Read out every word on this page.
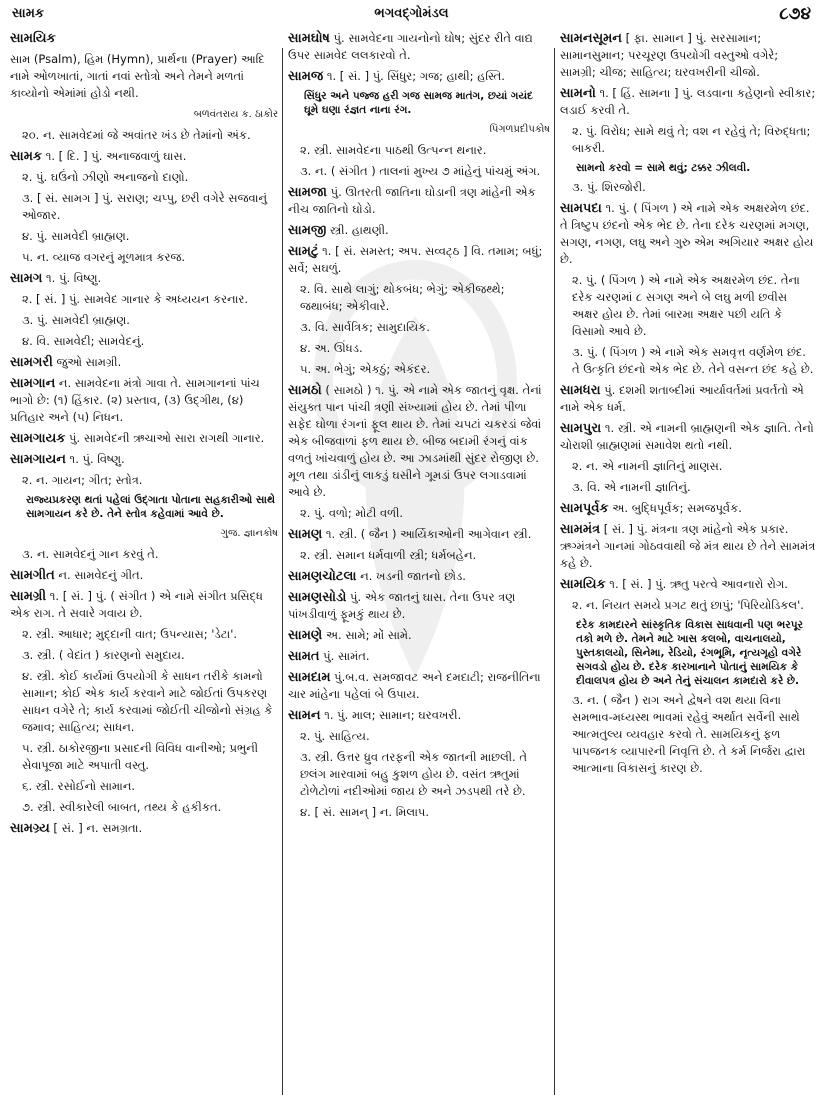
સામક	ભગવદ્ગોમંડલ	૮૭૪

સામયિક

સામ (Psalm), હિમ (Hymn), પ્રાર્થના (Prayer) આદિ નામે ઓળખાતાં, ગાતાં નવાં સ્તોત્રો અને તેમને મળતાં કાવ્યોનો એમાંમાં હોડો નથી.

બળવંતરાય ક. ઠાકોર

૨૦. ન. સામવેદમાં જે અવાંતર ખંડ છે તેમાંનો અંક.

સામક ૧. [ દિ. ] પું. અનાજવાળું ઘાસ.

૨. પું. ઘઉંનો ઝીણો અનાજનો દાણો.

૩. [ સં. સામગ ] પું. સરાણ; ચપ્પુ, છરી વગેરે સજવાનું ઓજાર.

૪. પું. સામવેદી બ્રાહ્મણ.

૫. ન. વ્યાજ વગરનું મૂળમાત્ર કરજ.

સામગ ૧. પું. વિષ્ણુ.

૨. [ સં. ] પું. સામવેદ ગાનાર કે અધ્યયન કરનાર.

૩. પું. સામવેદી બ્રાહ્મણ.

૪. વિ. સામવેદી; સામવેદનું.

સામગરી જુઓ સામગ્રી.

સામગાન ન. સામવેદના મંત્રો ગાવા તે. સામગાનનાં પાંચ ભાગો છે: (૧) હિંકાર. (૨) પ્રસ્તાવ, (૩) ઉદ્ગીથ, (૪) પ્રતિહાર અને (૫) નિધન.

સામગાયક પું. સામવેદની ઋચાઓ સારા રાગથી ગાનાર.

સામગાયન ૧. પું. વિષ્ણુ.

૨. ન. ગાયન; ગીત; સ્તોત્ર.

રાજ્યપ્રકરણ થતાં પહેલાં ઉદ્ગાતા પોતાના સહકારીઓ સાથે સામગાયન કરે છે. તેને સ્તોત્ર કહેવામાં આવે છે.

ગુજ. જ્ઞાનકોષ

૩. ન. સામવેદનું ગાન કરવું તે.

સામગીત ન. સામવેદનું ગીત.

સામગ્રી ૧. [ સં. ] પું. ( સંગીત ) એ નામે સંગીત પ્રસિદ્ધ એક રાગ. તે સવારે ગવાય છે.

૨. સ્ત્રી. આધાર; મુદ્દાની વાત; ઉપન્યાસ; 'ડેટા'.

૩. સ્ત્રી. ( વેદાંત ) કારણનો સમુદાય.

૪. સ્ત્રી. કોઈ કાર્યમાં ઉપયોગી કે સાધન તરીકે કામનો સામાન; કોઈ એક કાર્ય કરવાને માટે જોઈતાં ઉપકરણ સાધન વગેરે તે; કાર્ય કરવામાં જોઈતી ચીજોનો સંગ્રહ કે જમાવ; સાહિત્ય; સાધન.

૫. સ્ત્રી. ઠાકોરજીના પ્રસાદની વિવિધ વાનીઓ; પ્રભુની સેવાપૂજા માટે અપાતી વસ્તુ.

૬. સ્ત્રી. રસોઈનો સામાન.

૭. સ્ત્રી. સ્વીકારેલી બાબત, તથ્ય કે હકીકત.

સામગ્ર્ય [ સં. ] ન. સમગ્રતા.

સામઘોષ પું. સામવેદના ગાયનોનો ઘોષ; સુંદર રીતે વાદ્ય ઉપર સામવેદ લલકારવો તે.

સામજ ૧. [ સં. ] પું. સિંધુર; ગજ; હાથી; હસ્તિ.

સિંધુર અને પજ્જ હરી ગજ સામજ માતંગ, છયાં ગયંદ ઘૂમે ઘણા રંજ્ઞત નાના રંગ.

પિંગળપ્રદીપકોષ

૨. સ્ત્રી. સામવેદના પાઠથી ઉત્પન્ન થનાર.

૩. ન. ( સંગીત ) તાલનાં મુખ્ય ૭ માંહેનું પાંચમું અંગ.

સામજા પું. ઊતરતી જાતિના ઘોડાની ત્રણ માંહેની એક નીચ જાતિનો ઘોડો.

સામજી સ્ત્રી. હાથણી.

સામટું ૧. [ સં. સમસ્ત; અપ. સવ્વટ્ઠ ] વિ. તમામ; બધું; સર્વે; સઘળું.

૨. વિ. સાથે લાગું; થોકબંધ; ભેગું; એકીજથ્થે; જથાબંધ; એકીવારે.

૩. વિ. સાર્વત્રિક; સામુદાયિક.

૪. અ. ઊંધડ.

૫. અ. ભેગું; એકઠું; એકંદર.

સામઠો ( સામઠો ) ૧. પું. એ નામે એક જાતનું વૃક્ષ. તેનાં સંયુક્ત પાન પાંચી ત્રણી સંખ્યામાં હોય છે. તેમાં પીળા સફેદ ઘોળા રંગનાં ફૂલ થાય છે. તેમાં ચપટાં ચકરડાં જેવાં એક બીજવાળાં ફળ થાય છે. બીજ બદામી રંગનું વાંક વળતું ખાંચવાળું હોય છે. આ ઝાડમાંથી સુંદર રોજીણ છે. મૂળ તથા ડાંડીનું લાકડું ઘસીને ગૂમડાં ઉપર લગાડવામાં આવે છે.

૨. પું. વળો; મોટી વળી.

સામણ ૧. સ્ત્રી. ( જૈન ) આર્યિકાઓની આગેવાન સ્ત્રી.

૨. સ્ત્રી. સમાન ધર્મવાળી સ્ત્રી; ધર્મબહેન.

સામણચોટલા ન. ખડની જાતનો છોડ.

સામણસોડો પું. એક જાતનું ઘાસ. તેના ઉપર ત્રણ પાંખડીવાળું ફૂમકું થાય છે.

સામણે અ. સામે; મોં સામે.

સામત પું. સામંત.

સામદામ પું.બ.વ. સમજાવટ અને દમદાટી; રાજનીતિના ચાર માંહેના પહેલાં બે ઉપાય.

સામન ૧. પું. માલ; સામાન; ઘરવખરી.

૨. પું. સાહિત્ય.

૩. સ્ત્રી. ઉત્તર ધ્રુવ તરફની એક જાતની માછલી. તે છલંગ મારવામાં બહુ કુશળ હોય છે. વસંત ઋતુમાં ટોળેટોળાં નદીઓમાં જાય છે અને ઝડપથી તરે છે.

૪. [ સં. સામન્ ] ન. મિલાપ.

સામનસૂમન [ ફા. સામાન ] પું. સરસામાન; સામાનસુમાન; પરચૂરણ ઉપયોગી વસ્તુઓ વગેરે; સામગ્રી; ચીજ; સાહિત્ય; ઘરવખરીની ચીજો.

સામનો ૧. [ હિં. સામના ] પું. લડવાના કહેણનો સ્વીકાર; લડાઈ કરવી તે.

૨. પું. વિરોધ; સામે થવું તે; વશ ન રહેવું તે; વિરુદ્ધતા; બાકરી.

સામનો કરવો = સામે થવું; ટક્કર ઝીલવી.

૩. પું. શિરજોરી.

સામપદા ૧. પું. ( પિંગળ ) એ નામે એક અક્ષરમેળ છંદ. તે ત્રિષ્ટુપ છંદનો એક ભેદ છે. તેના દરેક ચરણમાં મગણ, સગણ, નગણ, લઘુ અને ગુરુ એમ અગિયાર અક્ષર હોય છે.

૨. પું. ( પિંગળ ) એ નામે એક અક્ષરમેળ છંદ. તેના દરેક ચરણમાં ૮ સગણ અને બે લઘુ મળી છવીસ અક્ષર હોય છે. તેમાં બારમા અક્ષર પછી યતિ કે વિસામો આવે છે.

૩. પું. ( પિંગળ ) એ નામે એક સમવૃત્ત વર્ણમેળ છંદ. તે ઉત્કૃતિ છંદનો એક ભેદ છે. તેને વસન્ત છંદ કહે છે.

સામધરા પું. દશમી શતાબ્દીમાં આર્યાવર્તમાં પ્રવર્તતો એ નામે એક ધર્મ.

સામપુરા ૧. સ્ત્રી. એ નામની બ્રાહ્મણની એક જ્ઞાતિ. તેનો ચોરાશી બ્રાહ્મણમાં સમાવેશ થતો નથી.

૨. ન. એ નામની જ્ઞાતિનું માણસ.

૩. વિ. એ નામની જ્ઞાતિનું.

સામપૂર્વક અ. બુદ્ધિપૂર્વક; સમજપૂર્વક.

સામમંત્ર [ સં. ] પું. મંત્રના ત્રણ માંહેનો એક પ્રકાર. ઋગ્મંત્રને ગાનમાં ગોઠવવાથી જે મંત્ર થાય છે તેને સામમંત્ર કહે છે.

સામયિક ૧. [ સં. ] પું. ઋતુ પરત્વે આવનારો રોગ.

૨. ન. નિયત સમયે પ્રગટ થતું છાપું; 'પિરિયોડિકલ'.

દરેક કામદારને સાંસ્કૃતિક વિકાસ સાધવાની પણ ભરપૂર તકો મળે છે. તેમને માટે ખાસ કલબો, વાચનાલયો, પુસ્તકાલયો, સિનેમા, રેડિયો, રંગભૂમિ, નૃત્યગૃહો વગેરે સગવડો હોય છે. દરેક કારખાનાને પોતાનું સામયિક કે દીવાલપત્ર હોય છે અને તેનું સંચાલન કામદારો કરે છે.

૩. ન. ( જૈન ) રાગ અને દ્વેષને વશ થયા વિના સમભાવ-મધ્યસ્થ ભાવમાં રહેવું અર્થાત સર્વેની સાથે આત્મતુલ્ય વ્યવહાર કરવો તે. સામયિકનું ફળ પાપજનક વ્યાપારની નિવૃત્તિ છે. તે કર્મ નિર્જરા દ્વારા આત્માના વિકાસનું કારણ છે.
